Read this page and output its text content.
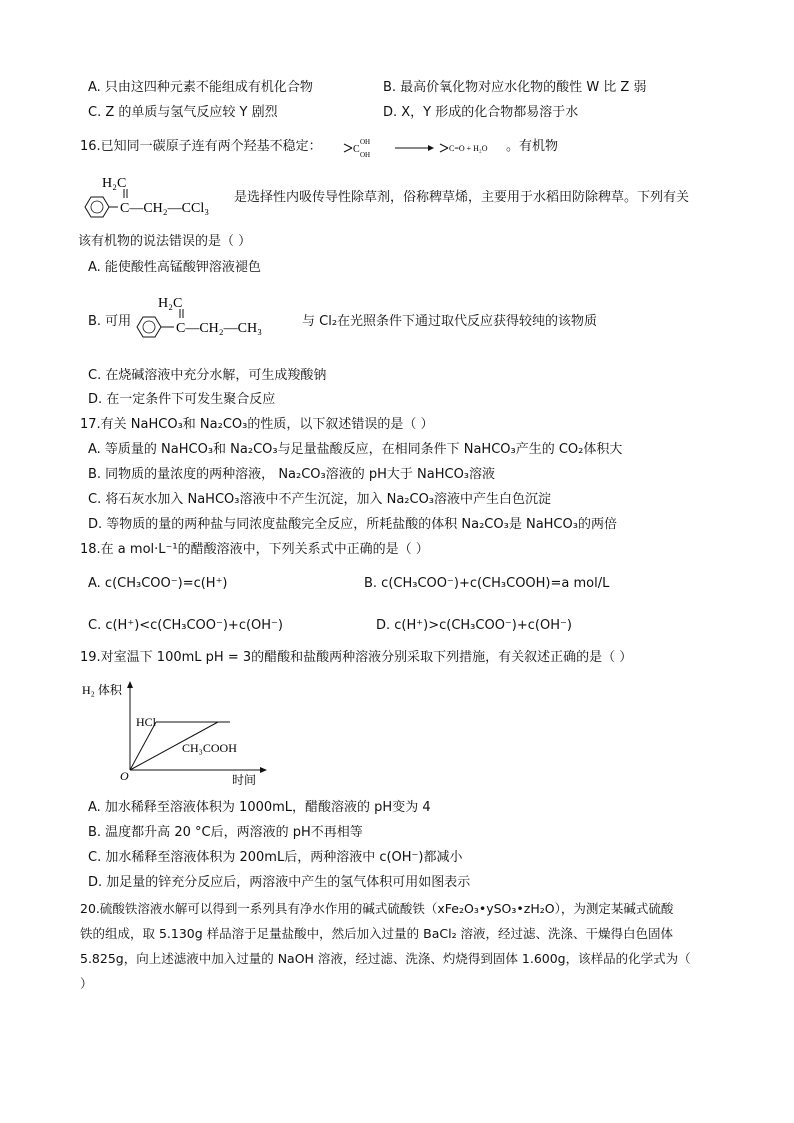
A. 只由这四种元素不能组成有机化合物	B. 最高价氧化物对应水化物的酸性 W 比 Z 弱
C. Z 的单质与氢气反应较 Y 剧烈	D. X，Y 形成的化合物都易溶于水
16.已知同一碳原子连有两个羟基不稳定：	C
OH
OH
C=O + H₂O 。有机物
H₂C
C—CH₂—CCl₃
是选择性内吸传导性除草剂，俗称稗草烯，主要用于水稻田防除稗草。下列有关
该有机物的说法错误的是（ ）
A. 能使酸性高锰酸钾溶液褪色
B. 可用
H₂C
C—CH₂—CH₃	与 Cl₂在光照条件下通过取代反应获得较纯的该物质
C. 在烧碱溶液中充分水解，可生成羧酸钠
D. 在一定条件下可发生聚合反应
17.有关 NaHCO₃和 Na₂CO₃的性质，以下叙述错误的是（ ）
A. 等质量的 NaHCO₃和 Na₂CO₃与足量盐酸反应，在相同条件下 NaHCO₃产生的 CO₂体积大
B. 同物质的量浓度的两种溶液， Na₂CO₃溶液的 pH大于 NaHCO₃溶液
C. 将石灰水加入 NaHCO₃溶液中不产生沉淀，加入 Na₂CO₃溶液中产生白色沉淀
D. 等物质的量的两种盐与同浓度盐酸完全反应，所耗盐酸的体积 Na₂CO₃是 NaHCO₃的两倍
18.在 a mol·L⁻¹的醋酸溶液中，下列关系式中正确的是（ ）
A. c(CH₃COO⁻)=c(H⁺)	B. c(CH₃COO⁻)+c(CH₃COOH)=a mol/L
C. c(H⁺)<c(CH₃COO⁻)+c(OH⁻)	D. c(H⁺)>c(CH₃COO⁻)+c(OH⁻)
19.对室温下 100mL pH = 3的醋酸和盐酸两种溶液分别采取下列措施，有关叙述正确的是（ ）
H₂ 体积
O	时间
HCl
CH₃COOH
A. 加水稀释至溶液体积为 1000mL，醋酸溶液的 pH变为 4
B. 温度都升高 20 °C后，两溶液的 pH不再相等
C. 加水稀释至溶液体积为 200mL后，两种溶液中 c(OH⁻)都减小
D. 加足量的锌充分反应后，两溶液中产生的氢气体积可用如图表示
20.硫酸铁溶液水解可以得到一系列具有净水作用的碱式硫酸铁（xFe₂O₃•ySO₃•zH₂O），为测定某碱式硫酸
铁的组成，取 5.130g 样品溶于足量盐酸中，然后加入过量的 BaCl₂ 溶液，经过滤、洗涤、干燥得白色固体
5.825g，向上述滤液中加入过量的 NaOH 溶液，经过滤、洗涤、灼烧得到固体 1.600g，该样品的化学式为（
）
